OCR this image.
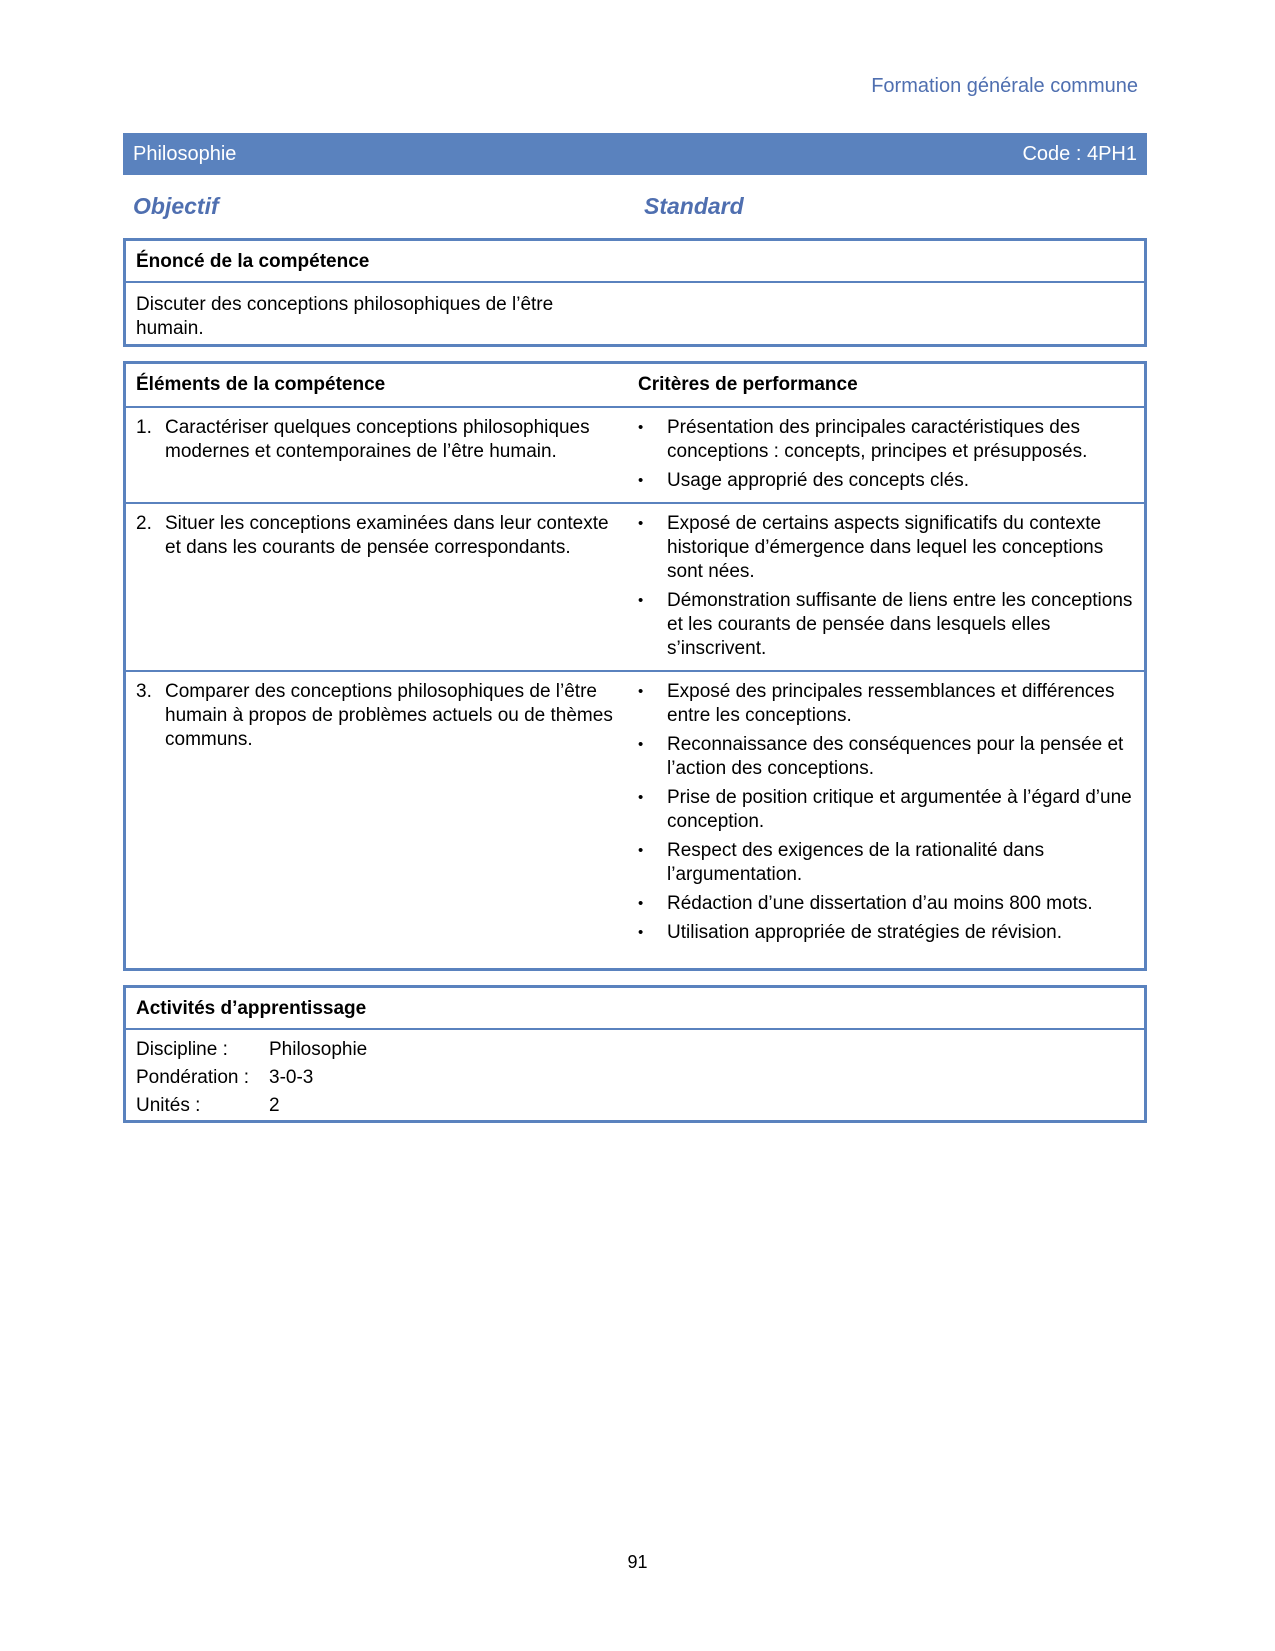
Formation générale commune
Philosophie	Code : 4PH1
Objectif	Standard
Énoncé de la compétence
Discuter des conceptions philosophiques de l’être humain.
Éléments de la compétence	Critères de performance
1. Caractériser quelques conceptions philosophiques modernes et contemporaines de l’être humain.
•	Présentation des principales caractéristiques des conceptions : concepts, principes et présupposés.
•	Usage approprié des concepts clés.
2. Situer les conceptions examinées dans leur contexte et dans les courants de pensée correspondants.
•	Exposé de certains aspects significatifs du contexte historique d’émergence dans lequel les conceptions sont nées.
•	Démonstration suffisante de liens entre les conceptions et les courants de pensée dans lesquels elles s’inscrivent.
3. Comparer des conceptions philosophiques de l’être humain à propos de problèmes actuels ou de thèmes communs.
•	Exposé des principales ressemblances et différences entre les conceptions.
•	Reconnaissance des conséquences pour la pensée et l’action des conceptions.
•	Prise de position critique et argumentée à l’égard d’une conception.
•	Respect des exigences de la rationalité dans l’argumentation.
•	Rédaction d’une dissertation d’au moins 800 mots.
•	Utilisation appropriée de stratégies de révision.
Activités d’apprentissage
Discipline :	Philosophie
Pondération :	3-0-3
Unités :	2
91
